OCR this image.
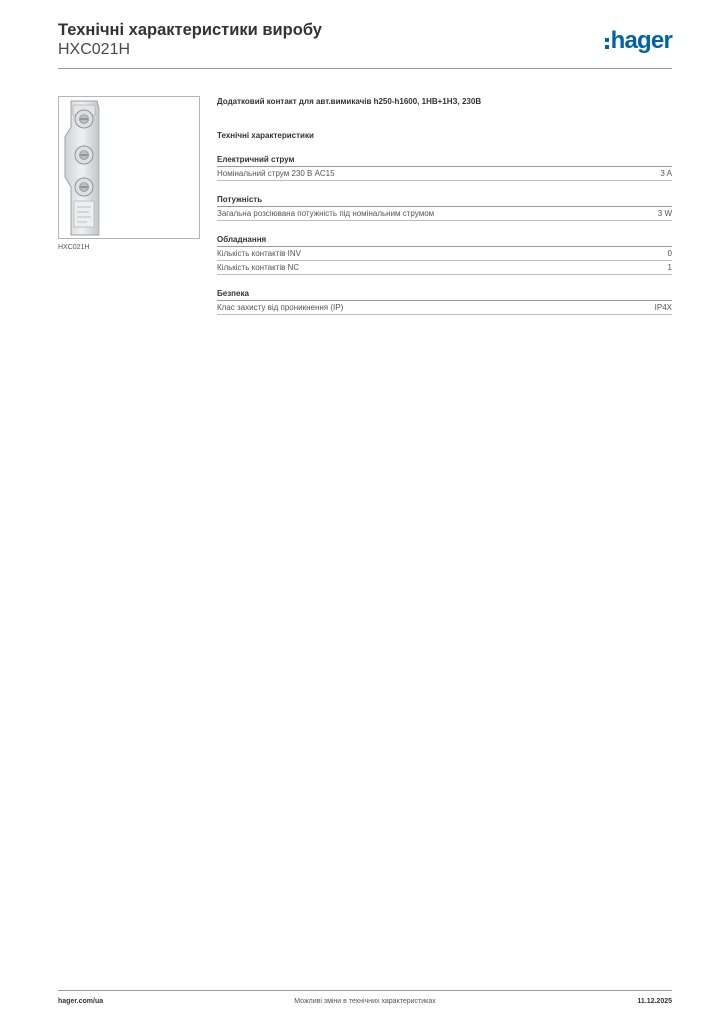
Технічні характеристики виробу
HXC021H	hager
HXC021H
Додатковий контакт для авт.вимикачів h250-h1600, 1НВ+1НЗ, 230В
Технічні характеристики
Електричний струм
Номінальний струм 230 В AC15	3 A
Потужність
Загальна розсіювана потужність під номінальним струмом	3 W
Обладнання
Кількість контактів INV	0
Кількість контактів NC	1
Безпека
Клас захисту від проникнення (IP)	IP4X
hager.com/ua	Можливі зміни в технічних характеристиках	11.12.2025
